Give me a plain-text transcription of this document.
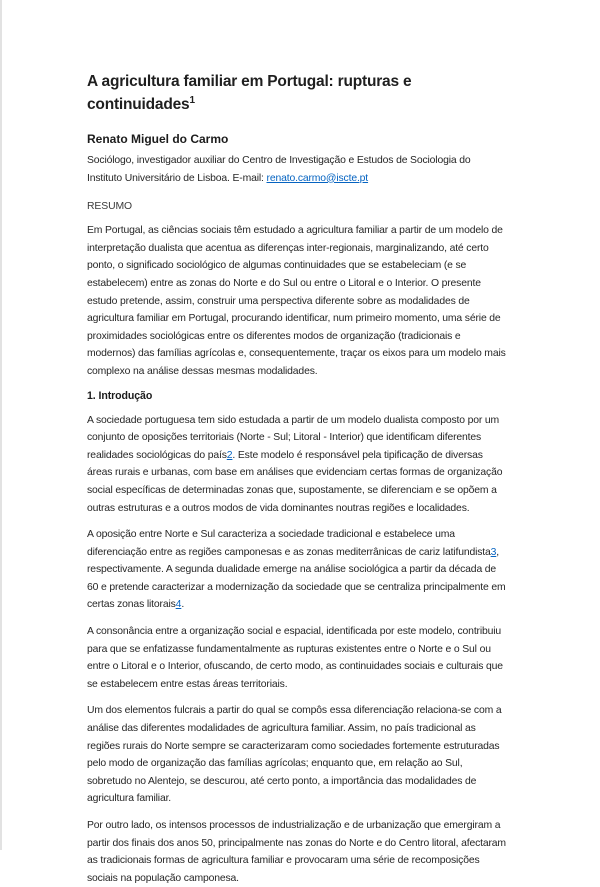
A agricultura familiar em Portugal: rupturas e continuidades$^1$

Renato Miguel do Carmo

Sociólogo, investigador auxiliar do Centro de Investigação e Estudos de Sociologia do Instituto Universitário de Lisboa. E-mail: renato.carmo@iscte.pt

RESUMO

Em Portugal, as ciências sociais têm estudado a agricultura familiar a partir de um modelo de interpretação dualista que acentua as diferenças inter-regionais, marginalizando, até certo ponto, o significado sociológico de algumas continuidades que se estabeleciam (e se estabelecem) entre as zonas do Norte e do Sul ou entre o Litoral e o Interior. O presente estudo pretende, assim, construir uma perspectiva diferente sobre as modalidades de agricultura familiar em Portugal, procurando identificar, num primeiro momento, uma série de proximidades sociológicas entre os diferentes modos de organização (tradicionais e modernos) das famílias agrícolas e, consequentemente, traçar os eixos para um modelo mais complexo na análise dessas mesmas modalidades.

1. Introdução

A sociedade portuguesa tem sido estudada a partir de um modelo dualista composto por um conjunto de oposições territoriais (Norte - Sul; Litoral - Interior) que identificam diferentes realidades sociológicas do país2. Este modelo é responsável pela tipificação de diversas áreas rurais e urbanas, com base em análises que evidenciam certas formas de organização social específicas de determinadas zonas que, supostamente, se diferenciam e se opõem a outras estruturas e a outros modos de vida dominantes noutras regiões e localidades.

A oposição entre Norte e Sul caracteriza a sociedade tradicional e estabelece uma diferenciação entre as regiões camponesas e as zonas mediterrânicas de cariz latifundista3, respectivamente. A segunda dualidade emerge na análise sociológica a partir da década de 60 e pretende caracterizar a modernização da sociedade que se centraliza principalmente em certas zonas litorais4.

A consonância entre a organização social e espacial, identificada por este modelo, contribuiu para que se enfatizasse fundamentalmente as rupturas existentes entre o Norte e o Sul ou entre o Litoral e o Interior, ofuscando, de certo modo, as continuidades sociais e culturais que se estabelecem entre estas áreas territoriais.

Um dos elementos fulcrais a partir do qual se compôs essa diferenciação relaciona-se com a análise das diferentes modalidades de agricultura familiar. Assim, no país tradicional as regiões rurais do Norte sempre se caracterizaram como sociedades fortemente estruturadas pelo modo de organização das famílias agrícolas; enquanto que, em relação ao Sul, sobretudo no Alentejo, se descurou, até certo ponto, a importância das modalidades de agricultura familiar.

Por outro lado, os intensos processos de industrialização e de urbanização que emergiram a partir dos finais dos anos 50, principalmente nas zonas do Norte e do Centro litoral, afectaram as tradicionais formas de agricultura familiar e provocaram uma série de recomposições sociais na população camponesa.
